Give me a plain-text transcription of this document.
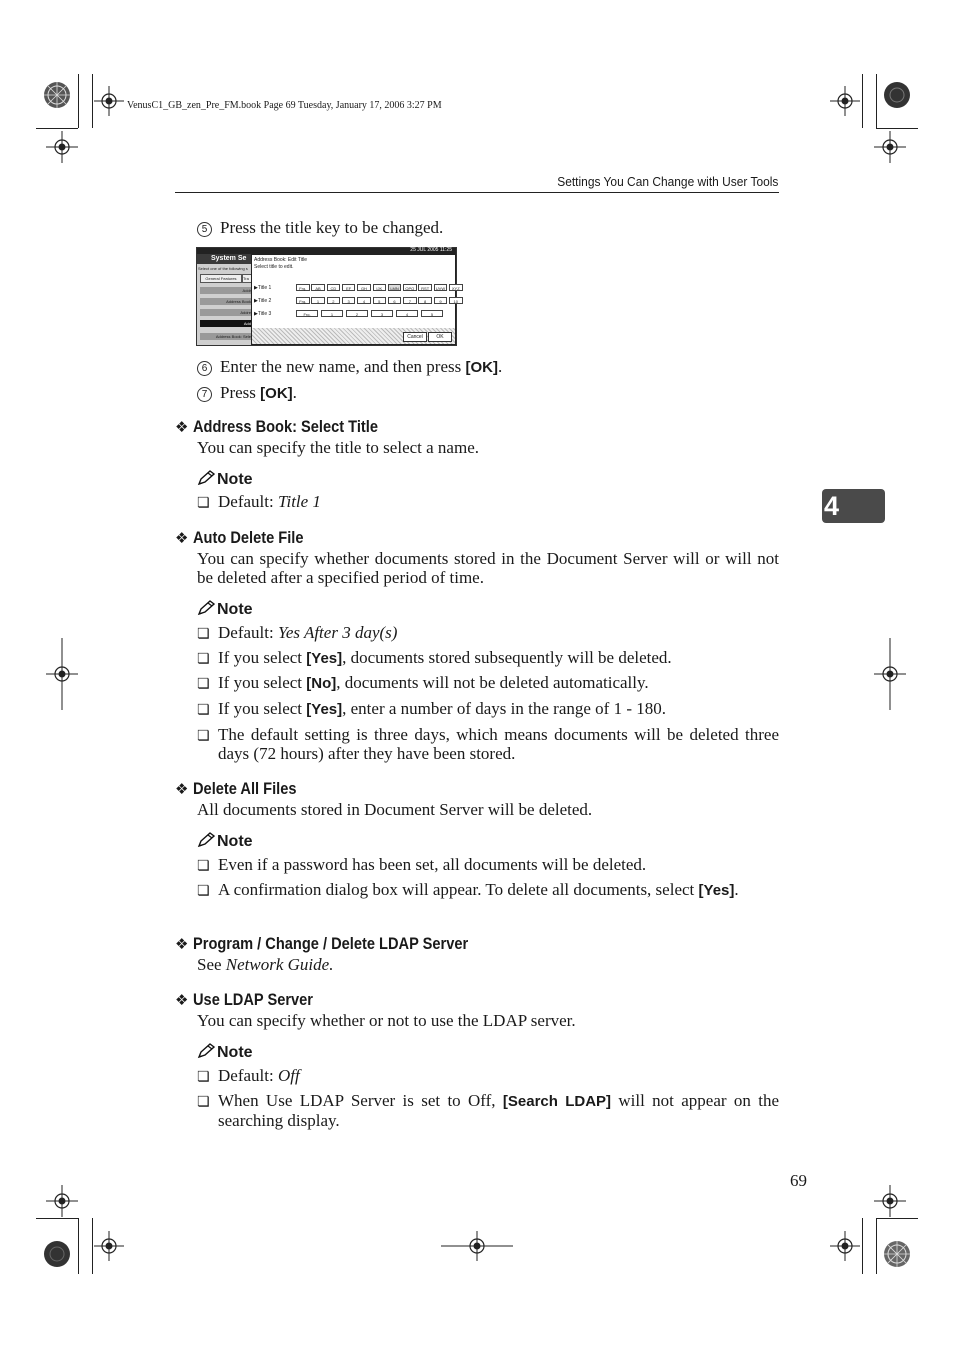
VenusC1_GB_zen_Pre_FM.book Page 69 Tuesday, January 17, 2006 3:27 PM
Settings You Can Change with User Tools
4
5 Press the title key to be changed.
25 JUL 2005 11:25
System Se
Select one of the following s
General Features	Tra
Addr
Address Book
Addre
Add
Address Book: Sele
Address Book: Edit Title
Select title to edit.
▶Title 1	Frq.	AB	CD	EF	GH	IJK	LMN	OPQ	RST	UVW	XYZ
▶Title 2	Frq.	1	2	3	4	5	6	7	8	9	10
▶Title 3	Frq.	1	2	3	4	5
Cancel	OK
6 Enter the new name, and then press [OK].
7 Press [OK].
❖ Address Book: Select Title
You can specify the title to select a name.
Note
❏ Default: Title 1
❖ Auto Delete File
You can specify whether documents stored in the Document Server will or will not be deleted after a specified period of time.
Note
❏ Default: Yes After 3 day(s)
❏ If you select [Yes], documents stored subsequently will be deleted.
❏ If you select [No], documents will not be deleted automatically.
❏ If you select [Yes], enter a number of days in the range of 1 - 180.
❏ The default setting is three days, which means documents will be deleted three days (72 hours) after they have been stored.
❖ Delete All Files
All documents stored in Document Server will be deleted.
Note
❏ Even if a password has been set, all documents will be deleted.
❏ A confirmation dialog box will appear. To delete all documents, select [Yes].
❖ Program / Change / Delete LDAP Server
See Network Guide.
❖ Use LDAP Server
You can specify whether or not to use the LDAP server.
Note
❏ Default: Off
❏ When Use LDAP Server is set to Off, [Search LDAP] will not appear on the searching display.
69
